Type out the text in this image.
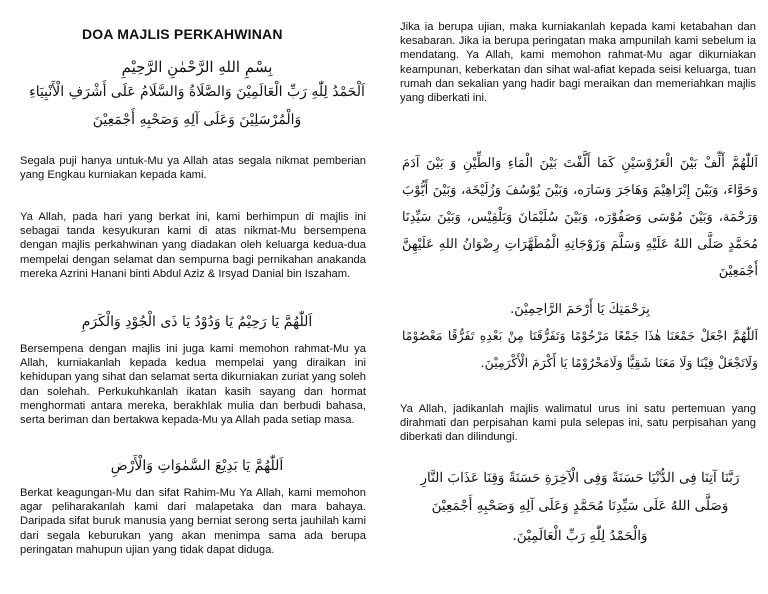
DOA MAJLIS PERKAHWINAN
بِسْمِ اللهِ الرَّحْمٰنِ الرَّحِيْمِ
اَلْحَمْدُ لِلّٰهِ رَبِّ الْعَالَمِيْنَ وَالصَّلَاةُ وَالسَّلَامُ عَلَى أَشْرَفِ الْأَنْبِيَاءِ
وَالْمُرْسَلِيْنَ وَعَلَى آلِهِ وَصَحْبِهِ أَجْمَعِيْنَ
Segala puji hanya untuk-Mu ya Allah atas segala nikmat pemberian yang Engkau kurniakan kepada kami.
Ya Allah, pada hari yang berkat ini, kami berhimpun di majlis ini sebagai tanda kesyukuran kami di atas nikmat-Mu bersempena dengan majlis perkahwinan yang diadakan oleh keluarga kedua-dua mempelai dengan selamat dan sempurna bagi pernikahan anakanda mereka Azrini Hanani binti Abdul Aziz & Irsyad Danial bin Iszaham.
اَللّٰهُمَّ يَا رَحِيْمُ يَا وَدُوْدُ يَا ذَى الْجُوْدِ وَالْكَرَمِ
Bersempena dengan majlis ini juga kami memohon rahmat-Mu ya Allah, kurniakanlah kepada kedua mempelai yang diraikan ini kehidupan yang sihat dan selamat serta dikurniakan zuriat yang soleh dan solehah. Perkukuhkanlah ikatan kasih sayang dan hormat menghormati antara mereka, berakhlak mulia dan berbudi bahasa, serta beriman dan bertakwa kepada-Mu ya Allah pada setiap masa.
اَللّٰهُمَّ يَا بَدِيْعَ السَّمٰوَاتِ وَالْأَرْضِ
Berkat keagungan-Mu dan sifat Rahim-Mu Ya Allah, kami memohon agar peliharakanlah kami dari malapetaka dan mara bahaya. Daripada sifat buruk manusia yang berniat serong serta jauhilah kami dari segala keburukan yang akan menimpa sama ada berupa peringatan mahupun ujian yang tidak dapat diduga.
Jika ia berupa ujian, maka kurniakanlah kepada kami ketabahan dan kesabaran. Jika ia berupa peringatan maka ampunilah kami sebelum ia mendatang. Ya Allah, kami memohon rahmat-Mu agar dikurniakan keampunan, keberkatan dan sihat wal-afiat kepada seisi keluarga, tuan rumah dan sekalian yang hadir bagi meraikan dan memeriahkan majlis yang diberkati ini.
اَللّٰهُمَّ أَلِّفْ بَيْنَ الْعَرُوْسَيْنِ كَمَا أَلَّفْتَ بَيْنَ الْمَاءِ وَالطِّيْنِ وَ بَيْنَ آدَمَ وَحَوَّاءَ، وَبَيْنَ إِبْرَاهِيْمَ وَهَاجَرَ وَسَارَه، وَبَيْنَ يُوْسُفَ وَزُلَيْخَة، وَبَيْنَ أَيُّوْبَ وَرَحْمَة، وَبَيْنَ مُوْسَى وَصَفُوْرَه، وَبَيْنَ سُلَيْمَانَ وَبَلْقِيْس، وَبَيْنَ سَيِّدِنَا مُحَمَّدٍ صَلَّى اللهُ عَلَيْهِ وَسَلَّمَ وَزَوْجَاتِهِ الْمُطَهَّرَاتِ رِضْوَانُ اللهِ عَلَيْهِنَّ أَجْمَعِيْنَ
بِرَحْمَتِكَ يَا أَرْحَمَ الرَّاحِمِيْنَ.
اَللّٰهُمَّ اجْعَلْ جَمْعَنَا هٰذَا جَمْعًا مَرْحُوْمًا وَتَفَرُّقَنَا مِنْ بَعْدِهِ تَفَرُّقًا مَعْصُوْمًا وَلَاتَجْعَلْ فِيْنَا وَلَا مَعَنَا شَقِيًّا وَلَامَحْرُوْمًا يَا أَكْرَمَ الْأَكْرَمِيْنَ.
Ya Allah, jadikanlah majlis walimatul urus ini satu pertemuan yang dirahmati dan perpisahan kami pula selepas ini, satu perpisahan yang diberkati dan dilindungi.
رَبَّنَا آتِنَا فِى الدُّنْيَا حَسَنَةً وَفِى الْآخِرَةِ حَسَنَةً وَقِنَا عَذَابَ النَّارِ
وَصَلَّى اللهُ عَلَى سَيِّدِنَا مُحَمَّدٍ وَعَلَى آلِهِ وَصَحْبِهِ أَجْمَعِيْنَ
وَالْحَمْدُ لِلّٰهِ رَبِّ الْعَالَمِيْنَ.
